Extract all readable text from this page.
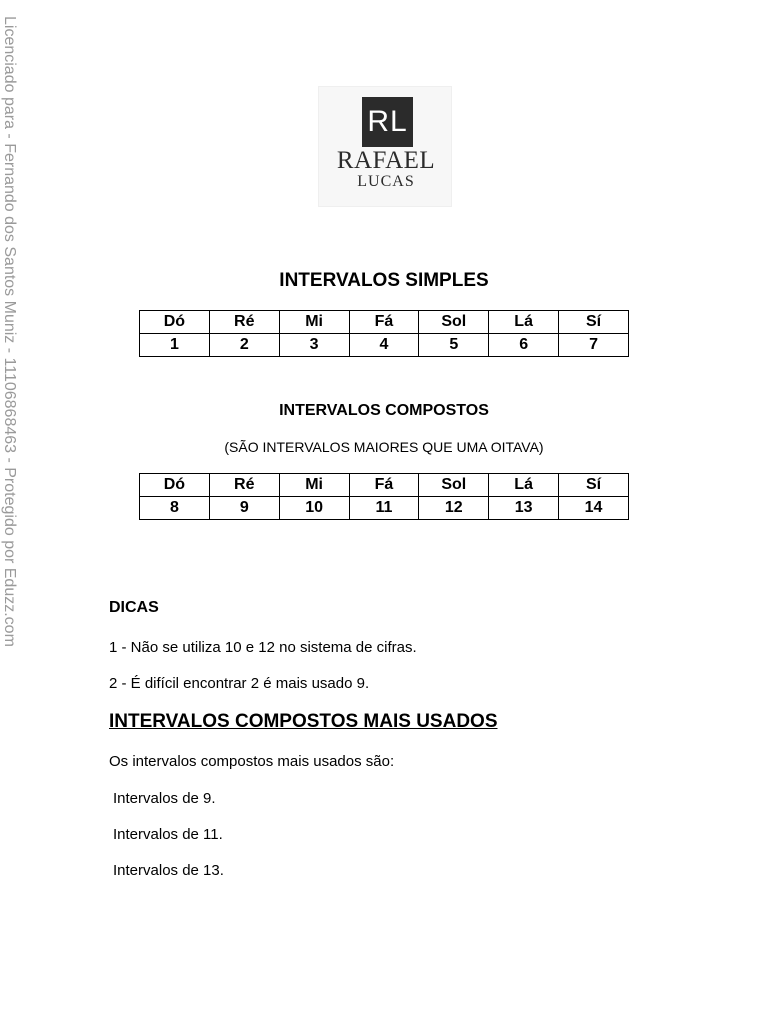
Licenciado para - Fernando dos Santos Muniz - 11106868463 - Protegido por Eduzz.com	RL
RAFAEL
LUCAS
INTERVALOS SIMPLES
Dó	Ré	Mi	Fá	Sol	Lá	Sí
1	2	3	4	5	6	7
INTERVALOS COMPOSTOS
(SÃO INTERVALOS MAIORES QUE UMA OITAVA)
Dó	Ré	Mi	Fá	Sol	Lá	Sí
8	9	10	11	12	13	14
DICAS
1 - Não se utiliza 10 e 12 no sistema de cifras.
2 - É difícil encontrar 2 é mais usado 9.
INTERVALOS COMPOSTOS MAIS USADOS
Os intervalos compostos mais usados são:
Intervalos de 9.
Intervalos de 11.
Intervalos de 13.
